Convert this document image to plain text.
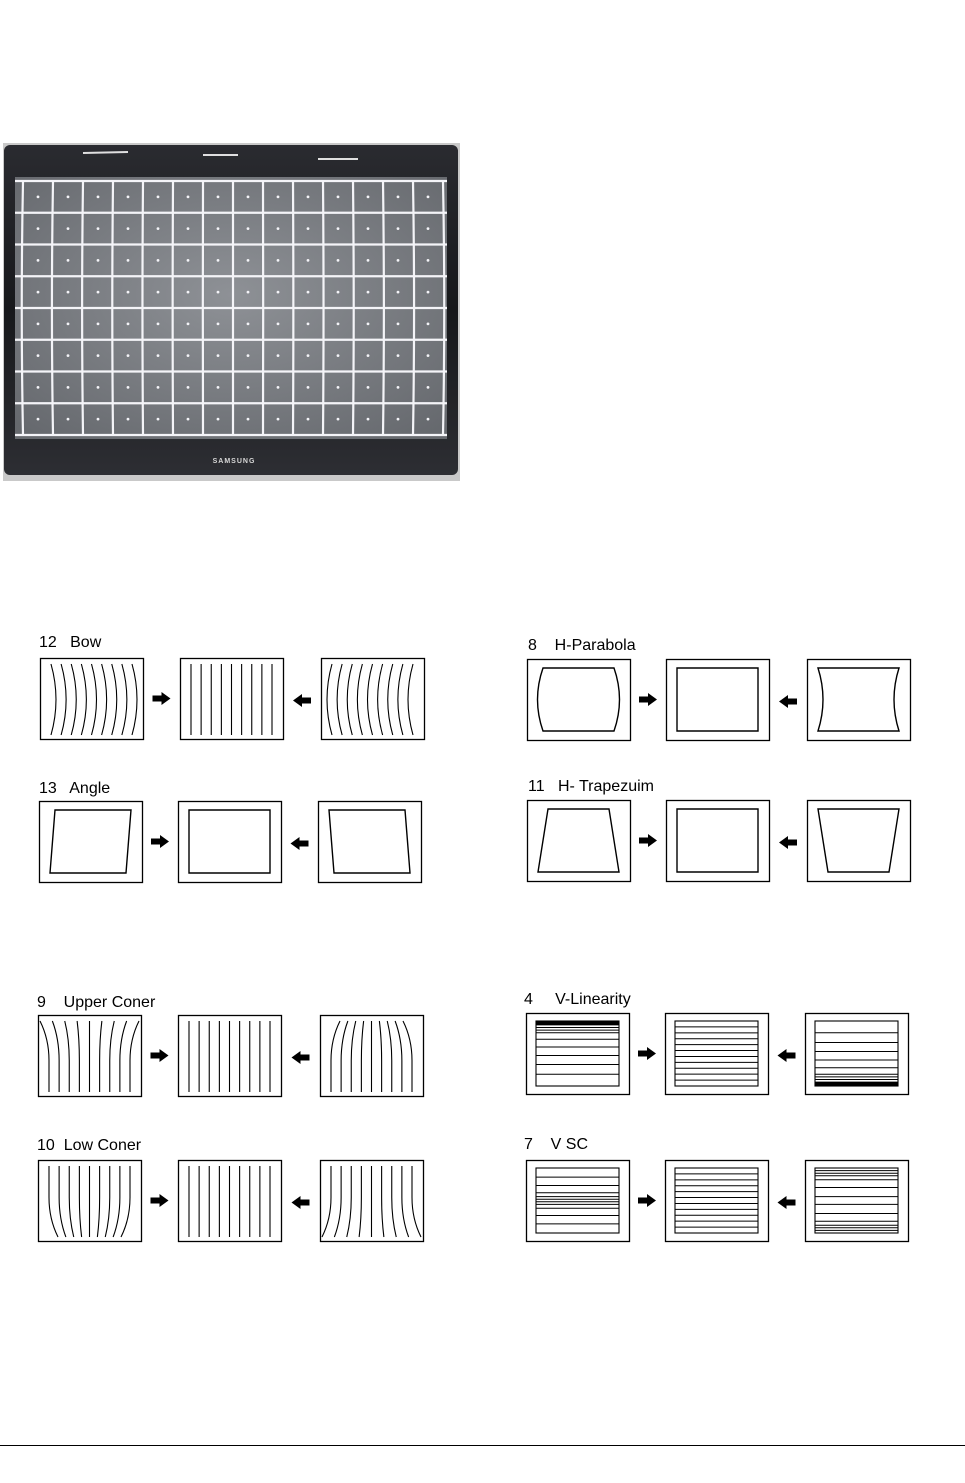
SAMSUNG
12   Bow	8    H-Parabola
13   Angle	11   H- Trapezuim
9    Upper Coner	4     V-Linearity
10  Low Coner	7    V SC
